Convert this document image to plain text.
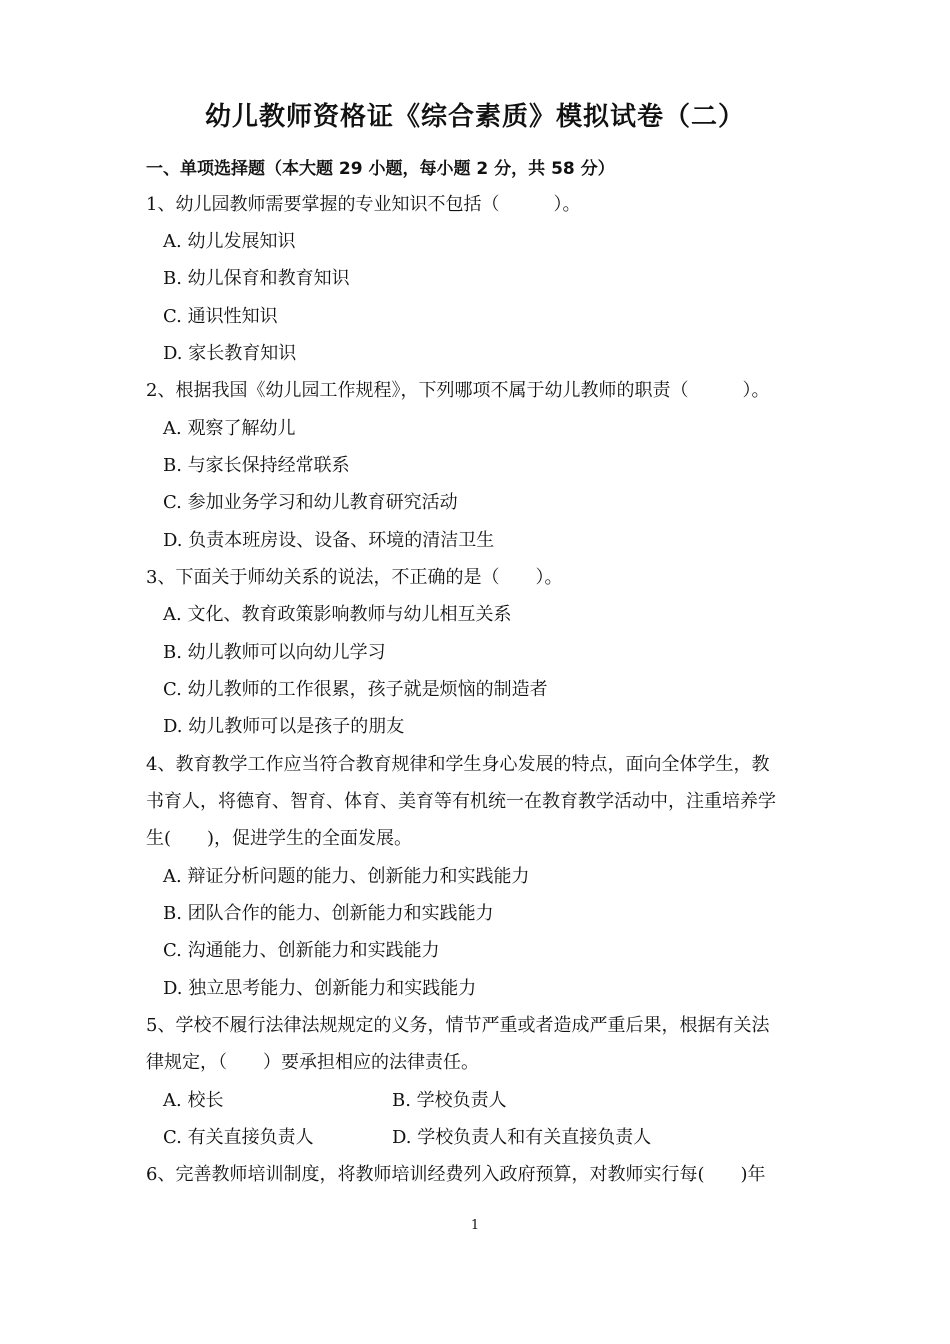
幼儿教师资格证《综合素质》模拟试卷（二）
一、单项选择题（本大题 29 小题，每小题 2 分，共 58 分）
1、幼儿园教师需要掌握的专业知识不包括（　　　）。
A. 幼儿发展知识
B. 幼儿保育和教育知识
C. 通识性知识
D. 家长教育知识
2、根据我国《幼儿园工作规程》，下列哪项不属于幼儿教师的职责（　　　）。
A. 观察了解幼儿
B. 与家长保持经常联系
C. 参加业务学习和幼儿教育研究活动
D. 负责本班房设、设备、环境的清洁卫生
3、下面关于师幼关系的说法，不正确的是（　　）。
A. 文化、教育政策影响教师与幼儿相互关系
B. 幼儿教师可以向幼儿学习
C. 幼儿教师的工作很累，孩子就是烦恼的制造者
D. 幼儿教师可以是孩子的朋友
4、教育教学工作应当符合教育规律和学生身心发展的特点，面向全体学生，教
书育人，将德育、智育、体育、美育等有机统一在教育教学活动中，注重培养学
生(　　)，促进学生的全面发展。
A. 辩证分析问题的能力、创新能力和实践能力
B. 团队合作的能力、创新能力和实践能力
C. 沟通能力、创新能力和实践能力
D. 独立思考能力、创新能力和实践能力
5、学校不履行法律法规规定的义务，情节严重或者造成严重后果，根据有关法
律规定，（　　）要承担相应的法律责任。
A. 校长	B. 学校负责人
C. 有关直接负责人	D. 学校负责人和有关直接负责人
6、完善教师培训制度，将教师培训经费列入政府预算，对教师实行每(　　)年
1
